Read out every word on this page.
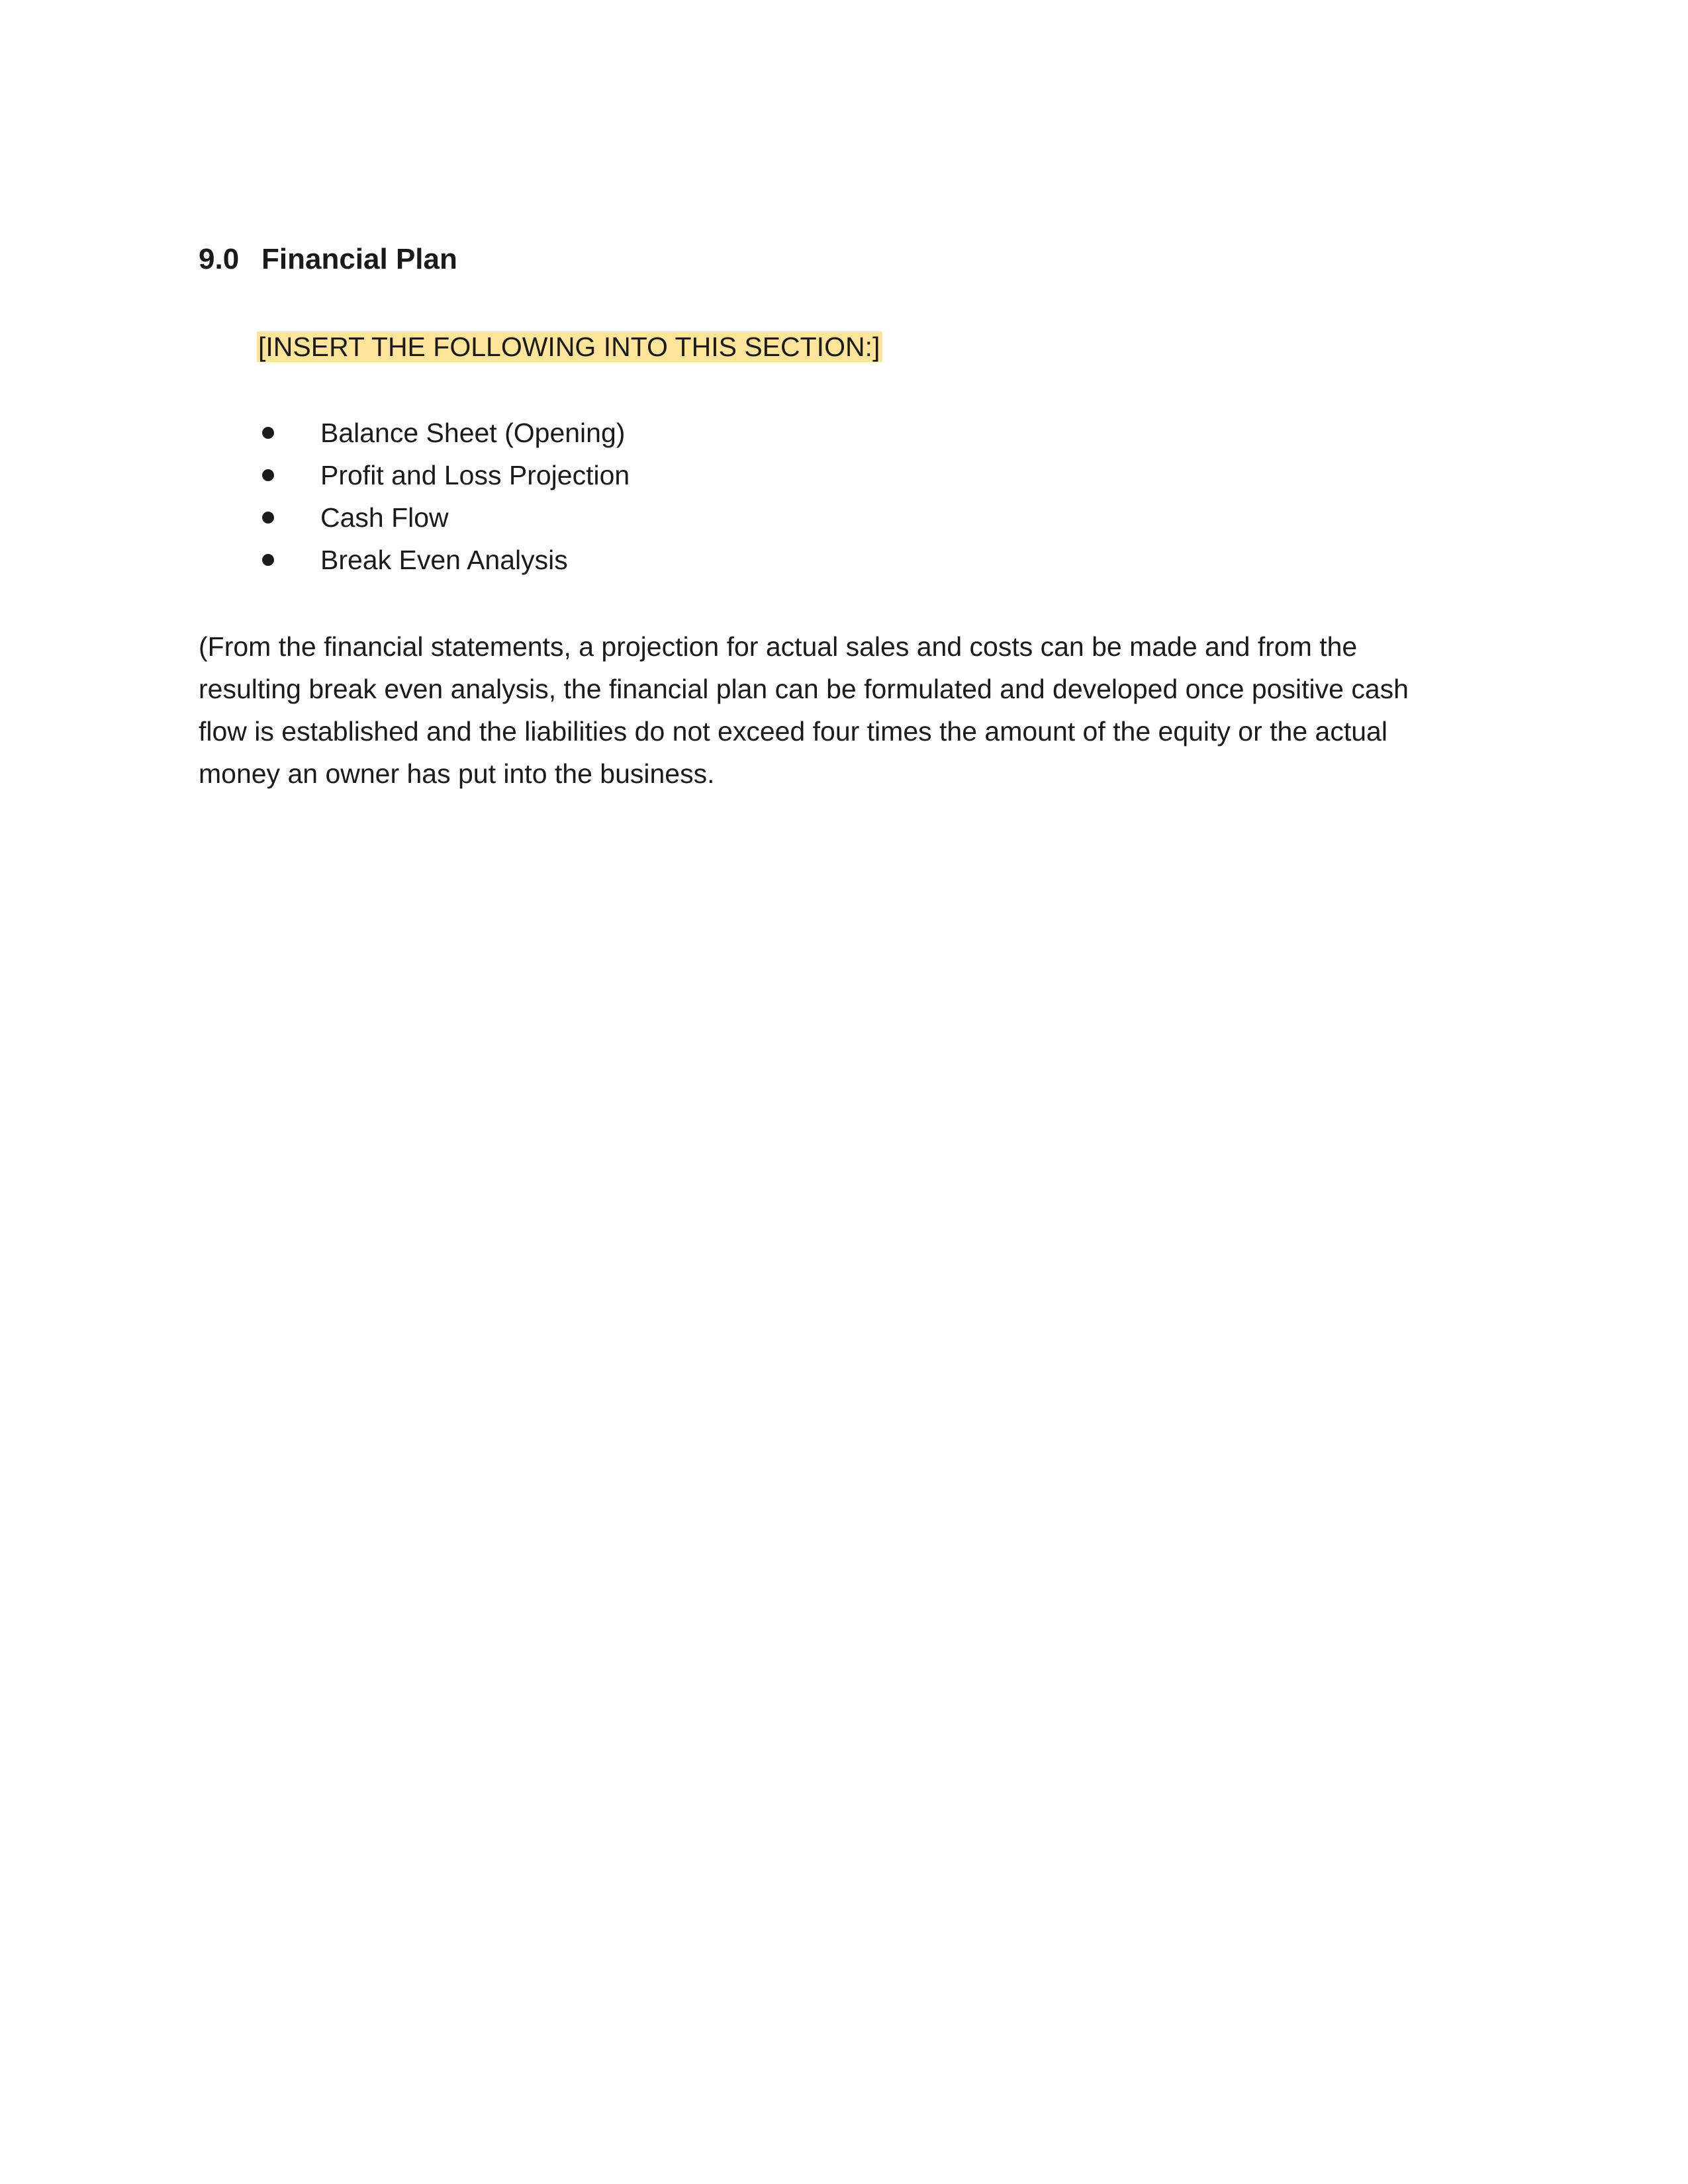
9.0 Financial Plan
[INSERT THE FOLLOWING INTO THIS SECTION:]
Balance Sheet (Opening)
Profit and Loss Projection
Cash Flow
Break Even Analysis

(From the financial statements, a projection for actual sales and costs can be made and from the resulting break even analysis, the financial plan can be formulated and developed once positive cash flow is established and the liabilities do not exceed four times the amount of the equity or the actual money an owner has put into the business.
